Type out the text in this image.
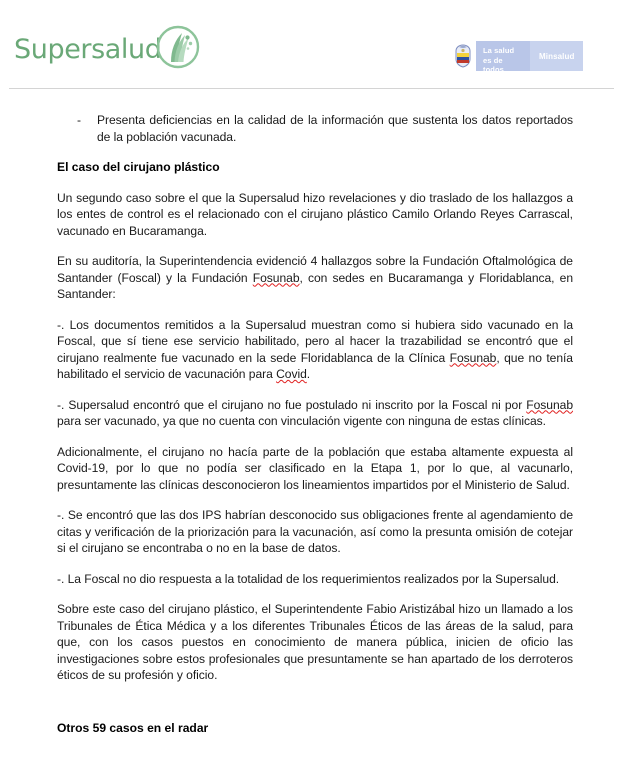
Supersalud	La salud
es de todos
Minsalud
-	Presenta deficiencias en la calidad de la información que sustenta los datos reportados de la población vacunada.

El caso del cirujano plástico

Un segundo caso sobre el que la Supersalud hizo revelaciones y dio traslado de los hallazgos a los entes de control es el relacionado con el cirujano plástico Camilo Orlando Reyes Carrascal, vacunado en Bucaramanga.

En su auditoría, la Superintendencia evidenció 4 hallazgos sobre la Fundación Oftalmológica de Santander (Foscal) y la Fundación Fosunab, con sedes en Bucaramanga y Floridablanca, en Santander:

-. Los documentos remitidos a la Supersalud muestran como si hubiera sido vacunado en la Foscal, que sí tiene ese servicio habilitado, pero al hacer la trazabilidad se encontró que el cirujano realmente fue vacunado en la sede Floridablanca de la Clínica Fosunab, que no tenía habilitado el servicio de vacunación para Covid.

-. Supersalud encontró que el cirujano no fue postulado ni inscrito por la Foscal ni por Fosunab para ser vacunado, ya que no cuenta con vinculación vigente con ninguna de estas clínicas.

Adicionalmente, el cirujano no hacía parte de la población que estaba altamente expuesta al Covid-19, por lo que no podía ser clasificado en la Etapa 1, por lo que, al vacunarlo, presuntamente las clínicas desconocieron los lineamientos impartidos por el Ministerio de Salud.

-. Se encontró que las dos IPS habrían desconocido sus obligaciones frente al agendamiento de citas y verificación de la priorización para la vacunación, así como la presunta omisión de cotejar si el cirujano se encontraba o no en la base de datos.

-. La Foscal no dio respuesta a la totalidad de los requerimientos realizados por la Supersalud.

Sobre este caso del cirujano plástico, el Superintendente Fabio Aristizábal hizo un llamado a los Tribunales de Ética Médica y a los diferentes Tribunales Éticos de las áreas de la salud, para que, con los casos puestos en conocimiento de manera pública, inicien de oficio las investigaciones sobre estos profesionales que presuntamente se han apartado de los derroteros éticos de su profesión y oficio.

Otros 59 casos en el radar
